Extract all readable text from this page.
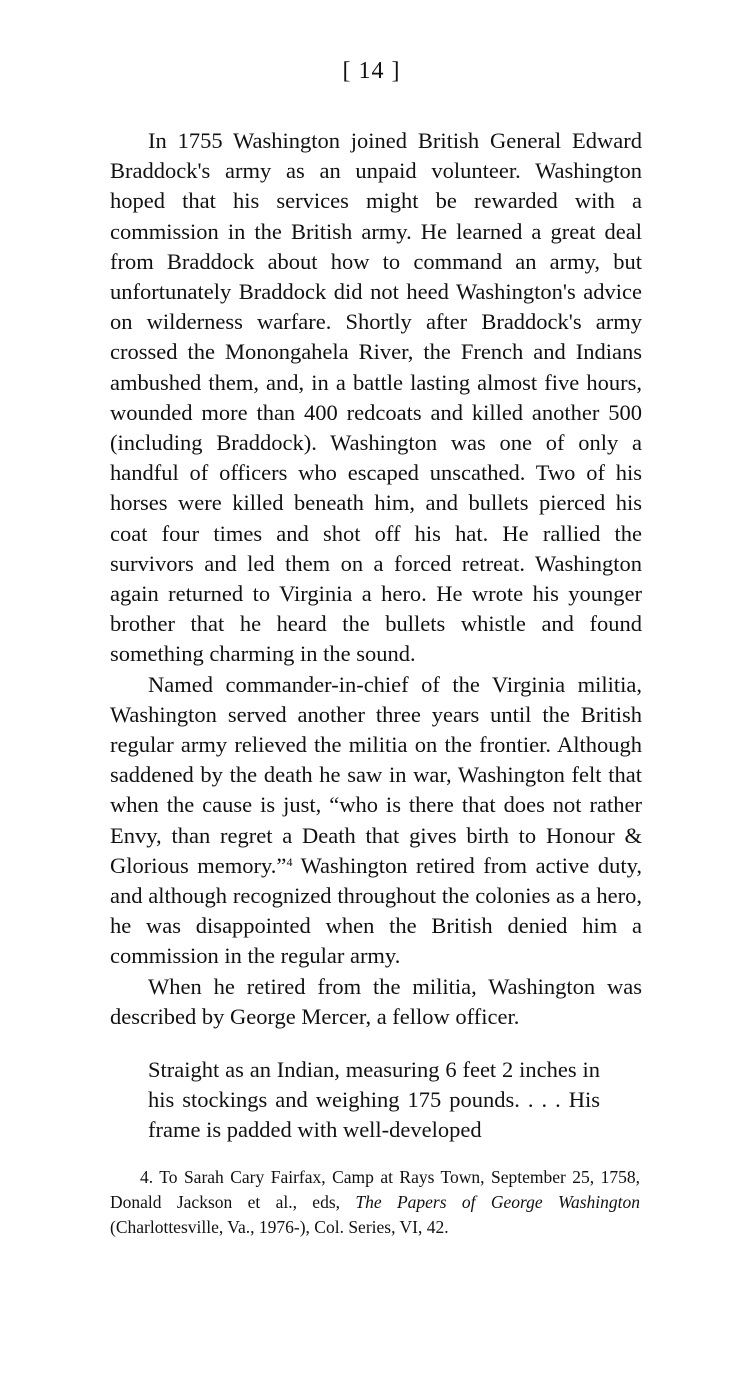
[ 14 ]

In 1755 Washington joined British General Edward Braddock's army as an unpaid volunteer. Washington hoped that his services might be rewarded with a commission in the British army. He learned a great deal from Braddock about how to command an army, but unfortunately Braddock did not heed Washington's advice on wilderness warfare. Shortly after Braddock's army crossed the Monongahela River, the French and Indians ambushed them, and, in a battle lasting almost five hours, wounded more than 400 redcoats and killed another 500 (including Braddock). Washington was one of only a handful of officers who escaped unscathed. Two of his horses were killed beneath him, and bullets pierced his coat four times and shot off his hat. He rallied the survivors and led them on a forced retreat. Washington again returned to Virginia a hero. He wrote his younger brother that he heard the bullets whistle and found something charming in the sound.

Named commander-in-chief of the Virginia militia, Washington served another three years until the British regular army relieved the militia on the frontier. Although saddened by the death he saw in war, Washington felt that when the cause is just, “who is there that does not rather Envy, than regret a Death that gives birth to Honour & Glorious memory.”$^4$ Washington retired from active duty, and although recognized throughout the colonies as a hero, he was disappointed when the British denied him a commission in the regular army.

When he retired from the militia, Washington was described by George Mercer, a fellow officer.

Straight as an Indian, measuring 6 feet 2 inches in his stockings and weighing 175 pounds. . . . His frame is padded with well-developed

4. To Sarah Cary Fairfax, Camp at Rays Town, September 25, 1758, Donald Jackson et al., eds, The Papers of George Washington (Charlottesville, Va., 1976-), Col. Series, VI, 42.
